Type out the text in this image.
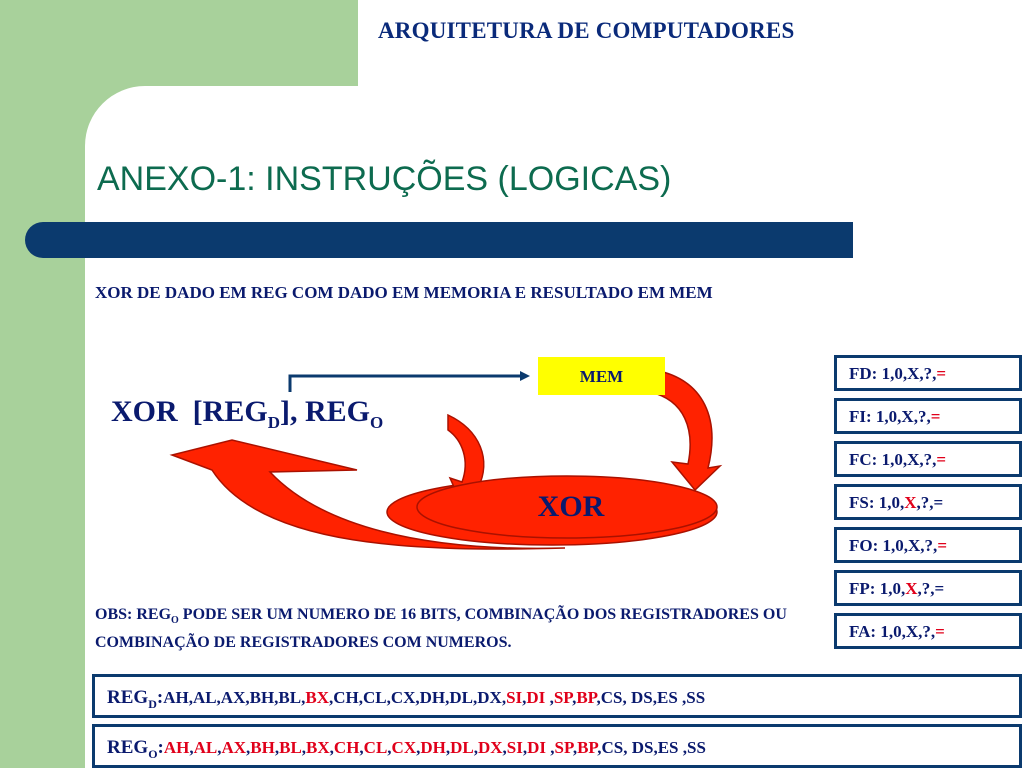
ARQUITETURA DE COMPUTADORES
ANEXO-1: INSTRUÇÕES (LOGICAS)
XOR DE DADO EM REG COM DADO EM MEMORIA E RESULTADO EM MEM
MEM
XOR
XOR $[REG_D]$, $REG_O$
FD: 1,0,X,?,=
FI: 1,0,X,?,=
FC: 1,0,X,?,=
FS: 1,0,X,?,=
FO: 1,0,X,?,=
FP: 1,0,X,?,=
FA: 1,0,X,?,=
OBS: $REG_O$ PODE SER UM NUMERO DE 16 BITS, COMBINAÇÃO DOS REGISTRADORES OU COMBINAÇÃO DE REGISTRADORES COM NUMEROS.
$REG_D:AH,AL,AX,BH,BL,BX,CH,CL,CX,DH,DL,DX,SI,DI$ ,SP,BP,CS, DS,ES ,SS
$REG_O:AH,AL,AX,BH,BL,BX,CH,CL,CX,DH,DL,DX,SI,DI$ ,SP,BP,CS, DS,ES ,SS
